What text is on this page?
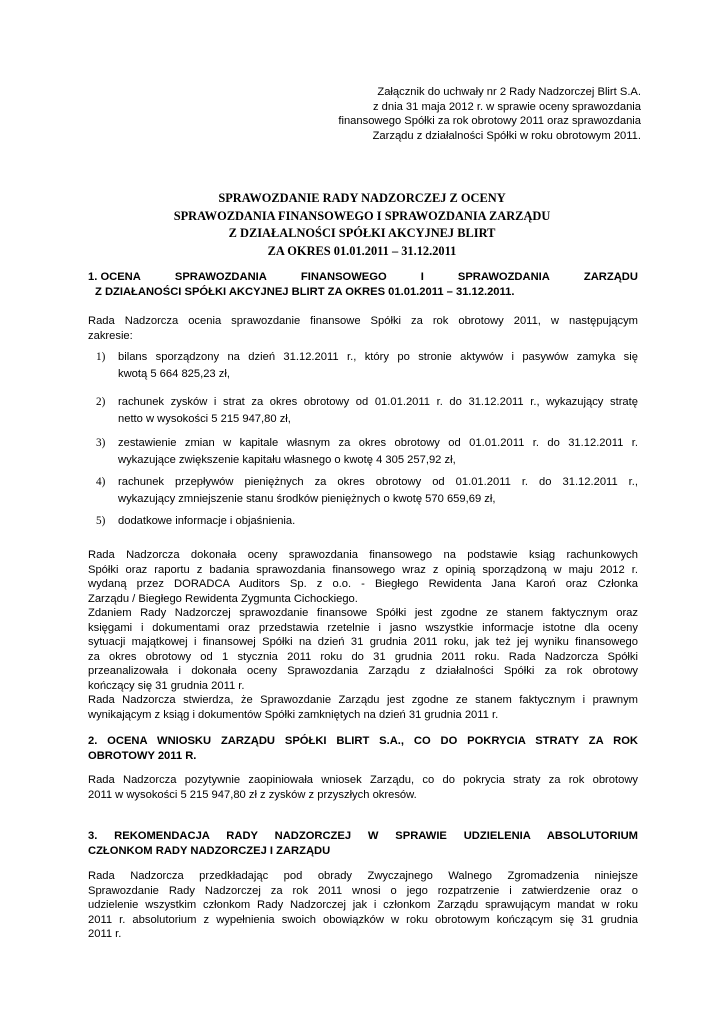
Załącznik do uchwały nr 2 Rady Nadzorczej Blirt S.A.
z dnia 31 maja 2012 r. w sprawie oceny sprawozdania
finansowego Spółki za rok obrotowy 2011 oraz sprawozdania
Zarządu z działalności Spółki w roku obrotowym 2011.
SPRAWOZDANIE RADY NADZORCZEJ Z OCENY
SPRAWOZDANIA FINANSOWEGO I SPRAWOZDANIA ZARZĄDU
Z DZIAŁALNOŚCI SPÓŁKI AKCYJNEJ BLIRT
ZA OKRES 01.01.2011 – 31.12.2011
1. OCENA	SPRAWOZDANIA	FINANSOWEGO	I	SPRAWOZDANIA	ZARZĄDU
Z DZIAŁANOŚCI SPÓŁKI AKCYJNEJ BLIRT ZA OKRES 01.01.2011 – 31.12.2011.
Rada Nadzorcza ocenia sprawozdanie finansowe Spółki za rok obrotowy 2011, w następującym
zakresie:
1) bilans sporządzony na dzień 31.12.2011 r., który po stronie aktywów i pasywów zamyka się
kwotą 5 664 825,23 zł,
2) rachunek zysków i strat za okres obrotowy od 01.01.2011 r. do 31.12.2011 r., wykazujący stratę
netto w wysokości 5 215 947,80 zł,
3) zestawienie zmian w kapitale własnym za okres obrotowy od 01.01.2011 r. do 31.12.2011 r.
wykazujące zwiększenie kapitału własnego o kwotę 4 305 257,92 zł,
4) rachunek przepływów pieniężnych za okres obrotowy od 01.01.2011 r. do 31.12.2011 r.,
wykazujący zmniejszenie stanu środków pieniężnych o kwotę 570 659,69 zł,
5) dodatkowe informacje i objaśnienia.
Rada Nadzorcza dokonała oceny sprawozdania finansowego na podstawie ksiąg rachunkowych
Spółki oraz raportu z badania sprawozdania finansowego wraz z opinią sporządzoną w maju 2012 r.
wydaną przez DORADCA Auditors Sp. z o.o. - Biegłego Rewidenta Jana Karoń oraz Członka
Zarządu / Biegłego Rewidenta Zygmunta Cichockiego.
Zdaniem Rady Nadzorczej sprawozdanie finansowe Spółki jest zgodne ze stanem faktycznym oraz
księgami i dokumentami oraz przedstawia rzetelnie i jasno wszystkie informacje istotne dla oceny
sytuacji majątkowej i finansowej Spółki na dzień 31 grudnia 2011 roku, jak też jej wyniku finansowego
za okres obrotowy od 1 stycznia 2011 roku do 31 grudnia 2011 roku. Rada Nadzorcza Spółki
przeanalizowała i dokonała oceny Sprawozdania Zarządu z działalności Spółki za rok obrotowy
kończący się 31 grudnia 2011 r.
Rada Nadzorcza stwierdza, że Sprawozdanie Zarządu jest zgodne ze stanem faktycznym i prawnym
wynikającym z ksiąg i dokumentów Spółki zamkniętych na dzień 31 grudnia 2011 r.
2. OCENA WNIOSKU ZARZĄDU SPÓŁKI BLIRT S.A., CO DO POKRYCIA STRATY ZA ROK
OBROTOWY 2011 R.
Rada Nadzorcza pozytywnie zaopiniowała wniosek Zarządu, co do pokrycia straty za rok obrotowy
2011 w wysokości 5 215 947,80 zł z zysków z przyszłych okresów.
3. REKOMENDACJA RADY NADZORCZEJ W SPRAWIE UDZIELENIA ABSOLUTORIUM
CZŁONKOM RADY NADZORCZEJ I ZARZĄDU
Rada Nadzorcza przedkładając pod obrady Zwyczajnego Walnego Zgromadzenia niniejsze
Sprawozdanie Rady Nadzorczej za rok 2011 wnosi o jego rozpatrzenie i zatwierdzenie oraz o
udzielenie wszystkim członkom Rady Nadzorczej jak i członkom Zarządu sprawującym mandat w roku
2011 r. absolutorium z wypełnienia swoich obowiązków w roku obrotowym kończącym się 31 grudnia
2011 r.
